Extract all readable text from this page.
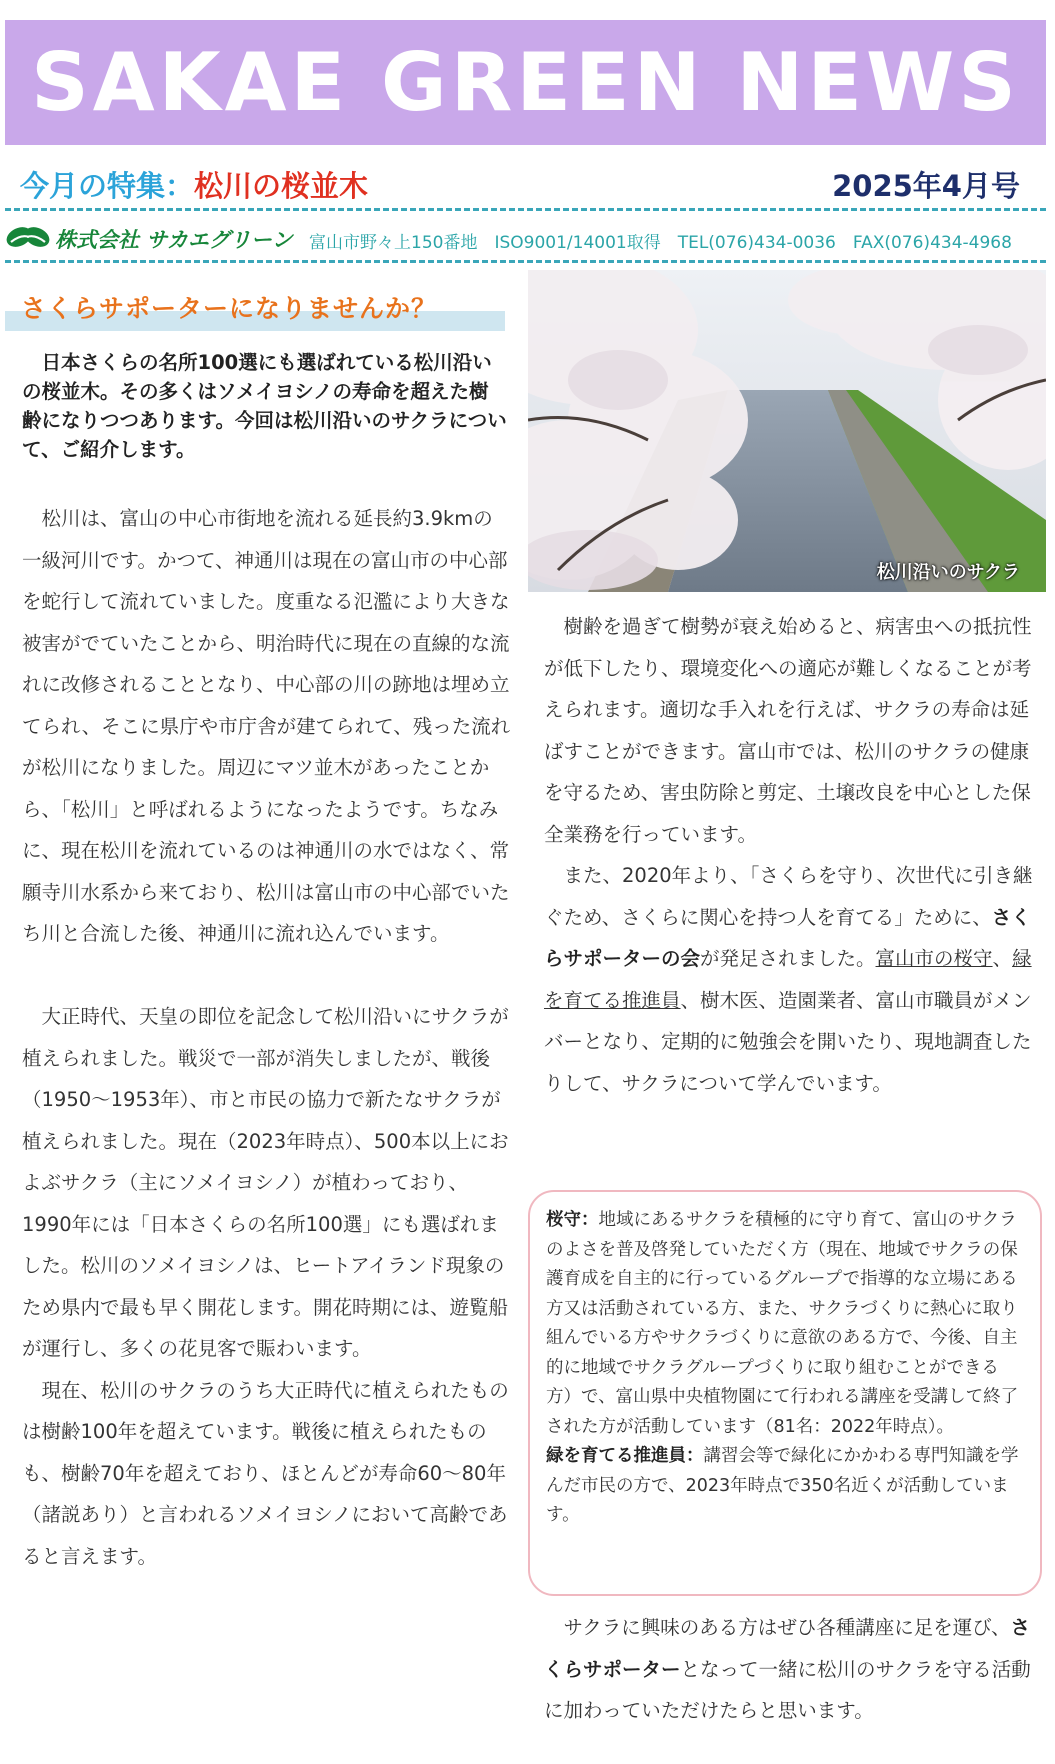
SAKAE GREEN NEWS
今月の特集：松川の桜並木	2025年4月号
株式会社 サカエグリーン 富山市野々上150番地　ISO9001/14001取得　TEL(076)434-0036　FAX(076)434-4968
さくらサポーターになりませんか？
　日本さくらの名所100選にも選ばれている松川沿いの桜並木。その多くはソメイヨシノの寿命を超えた樹齢になりつつあります。今回は松川沿いのサクラについて、ご紹介します。

　松川は、富山の中心市街地を流れる延長約3.9kmの一級河川です。かつて、神通川は現在の富山市の中心部を蛇行して流れていました。度重なる氾濫により大きな被害がでていたことから、明治時代に現在の直線的な流れに改修されることとなり、中心部の川の跡地は埋め立てられ、そこに県庁や市庁舎が建てられて、残った流れが松川になりました。周辺にマツ並木があったことから、「松川」と呼ばれるようになったようです。ちなみに、現在松川を流れているのは神通川の水ではなく、常願寺川水系から来ており、松川は富山市の中心部でいたち川と合流した後、神通川に流れ込んでいます。

　大正時代、天皇の即位を記念して松川沿いにサクラが植えられました。戦災で一部が消失しましたが、戦後（1950～1953年）、市と市民の協力で新たなサクラが植えられました。現在（2023年時点）、500本以上におよぶサクラ（主にソメイヨシノ）が植わっており、1990年には「日本さくらの名所100選」にも選ばれました。松川のソメイヨシノは、ヒートアイランド現象のため県内で最も早く開花します。開花時期には、遊覧船が運行し、多くの花見客で賑わいます。

　現在、松川のサクラのうち大正時代に植えられたものは樹齢100年を超えています。戦後に植えられたものも、樹齢70年を超えており、ほとんどが寿命60～80年（諸説あり）と言われるソメイヨシノにおいて高齢であると言えます。

松川沿いのサクラ

　樹齢を過ぎて樹勢が衰え始めると、病害虫への抵抗性が低下したり、環境変化への適応が難しくなることが考えられます。適切な手入れを行えば、サクラの寿命は延ばすことができます。富山市では、松川のサクラの健康を守るため、害虫防除と剪定、土壌改良を中心とした保全業務を行っています。

　また、2020年より、「さくらを守り、次世代に引き継ぐため、さくらに関心を持つ人を育てる」ために、さくらサポーターの会が発足されました。富山市の桜守、緑を育てる推進員、樹木医、造園業者、富山市職員がメンバーとなり、定期的に勉強会を開いたり、現地調査したりして、サクラについて学んでいます。

桜守：地域にあるサクラを積極的に守り育て、富山のサクラのよさを普及啓発していただく方（現在、地域でサクラの保護育成を自主的に行っているグループで指導的な立場にある方又は活動されている方、また、サクラづくりに熱心に取り組んでいる方やサクラづくりに意欲のある方で、今後、自主的に地域でサクラグループづくりに取り組むことができる方）で、富山県中央植物園にて行われる講座を受講して終了された方が活動しています（81名：2022年時点）。

緑を育てる推進員：講習会等で緑化にかかわる専門知識を学んだ市民の方で、2023年時点で350名近くが活動しています。

　サクラに興味のある方はぜひ各種講座に足を運び、さくらサポーターとなって一緒に松川のサクラを守る活動に加わっていただけたらと思います。
